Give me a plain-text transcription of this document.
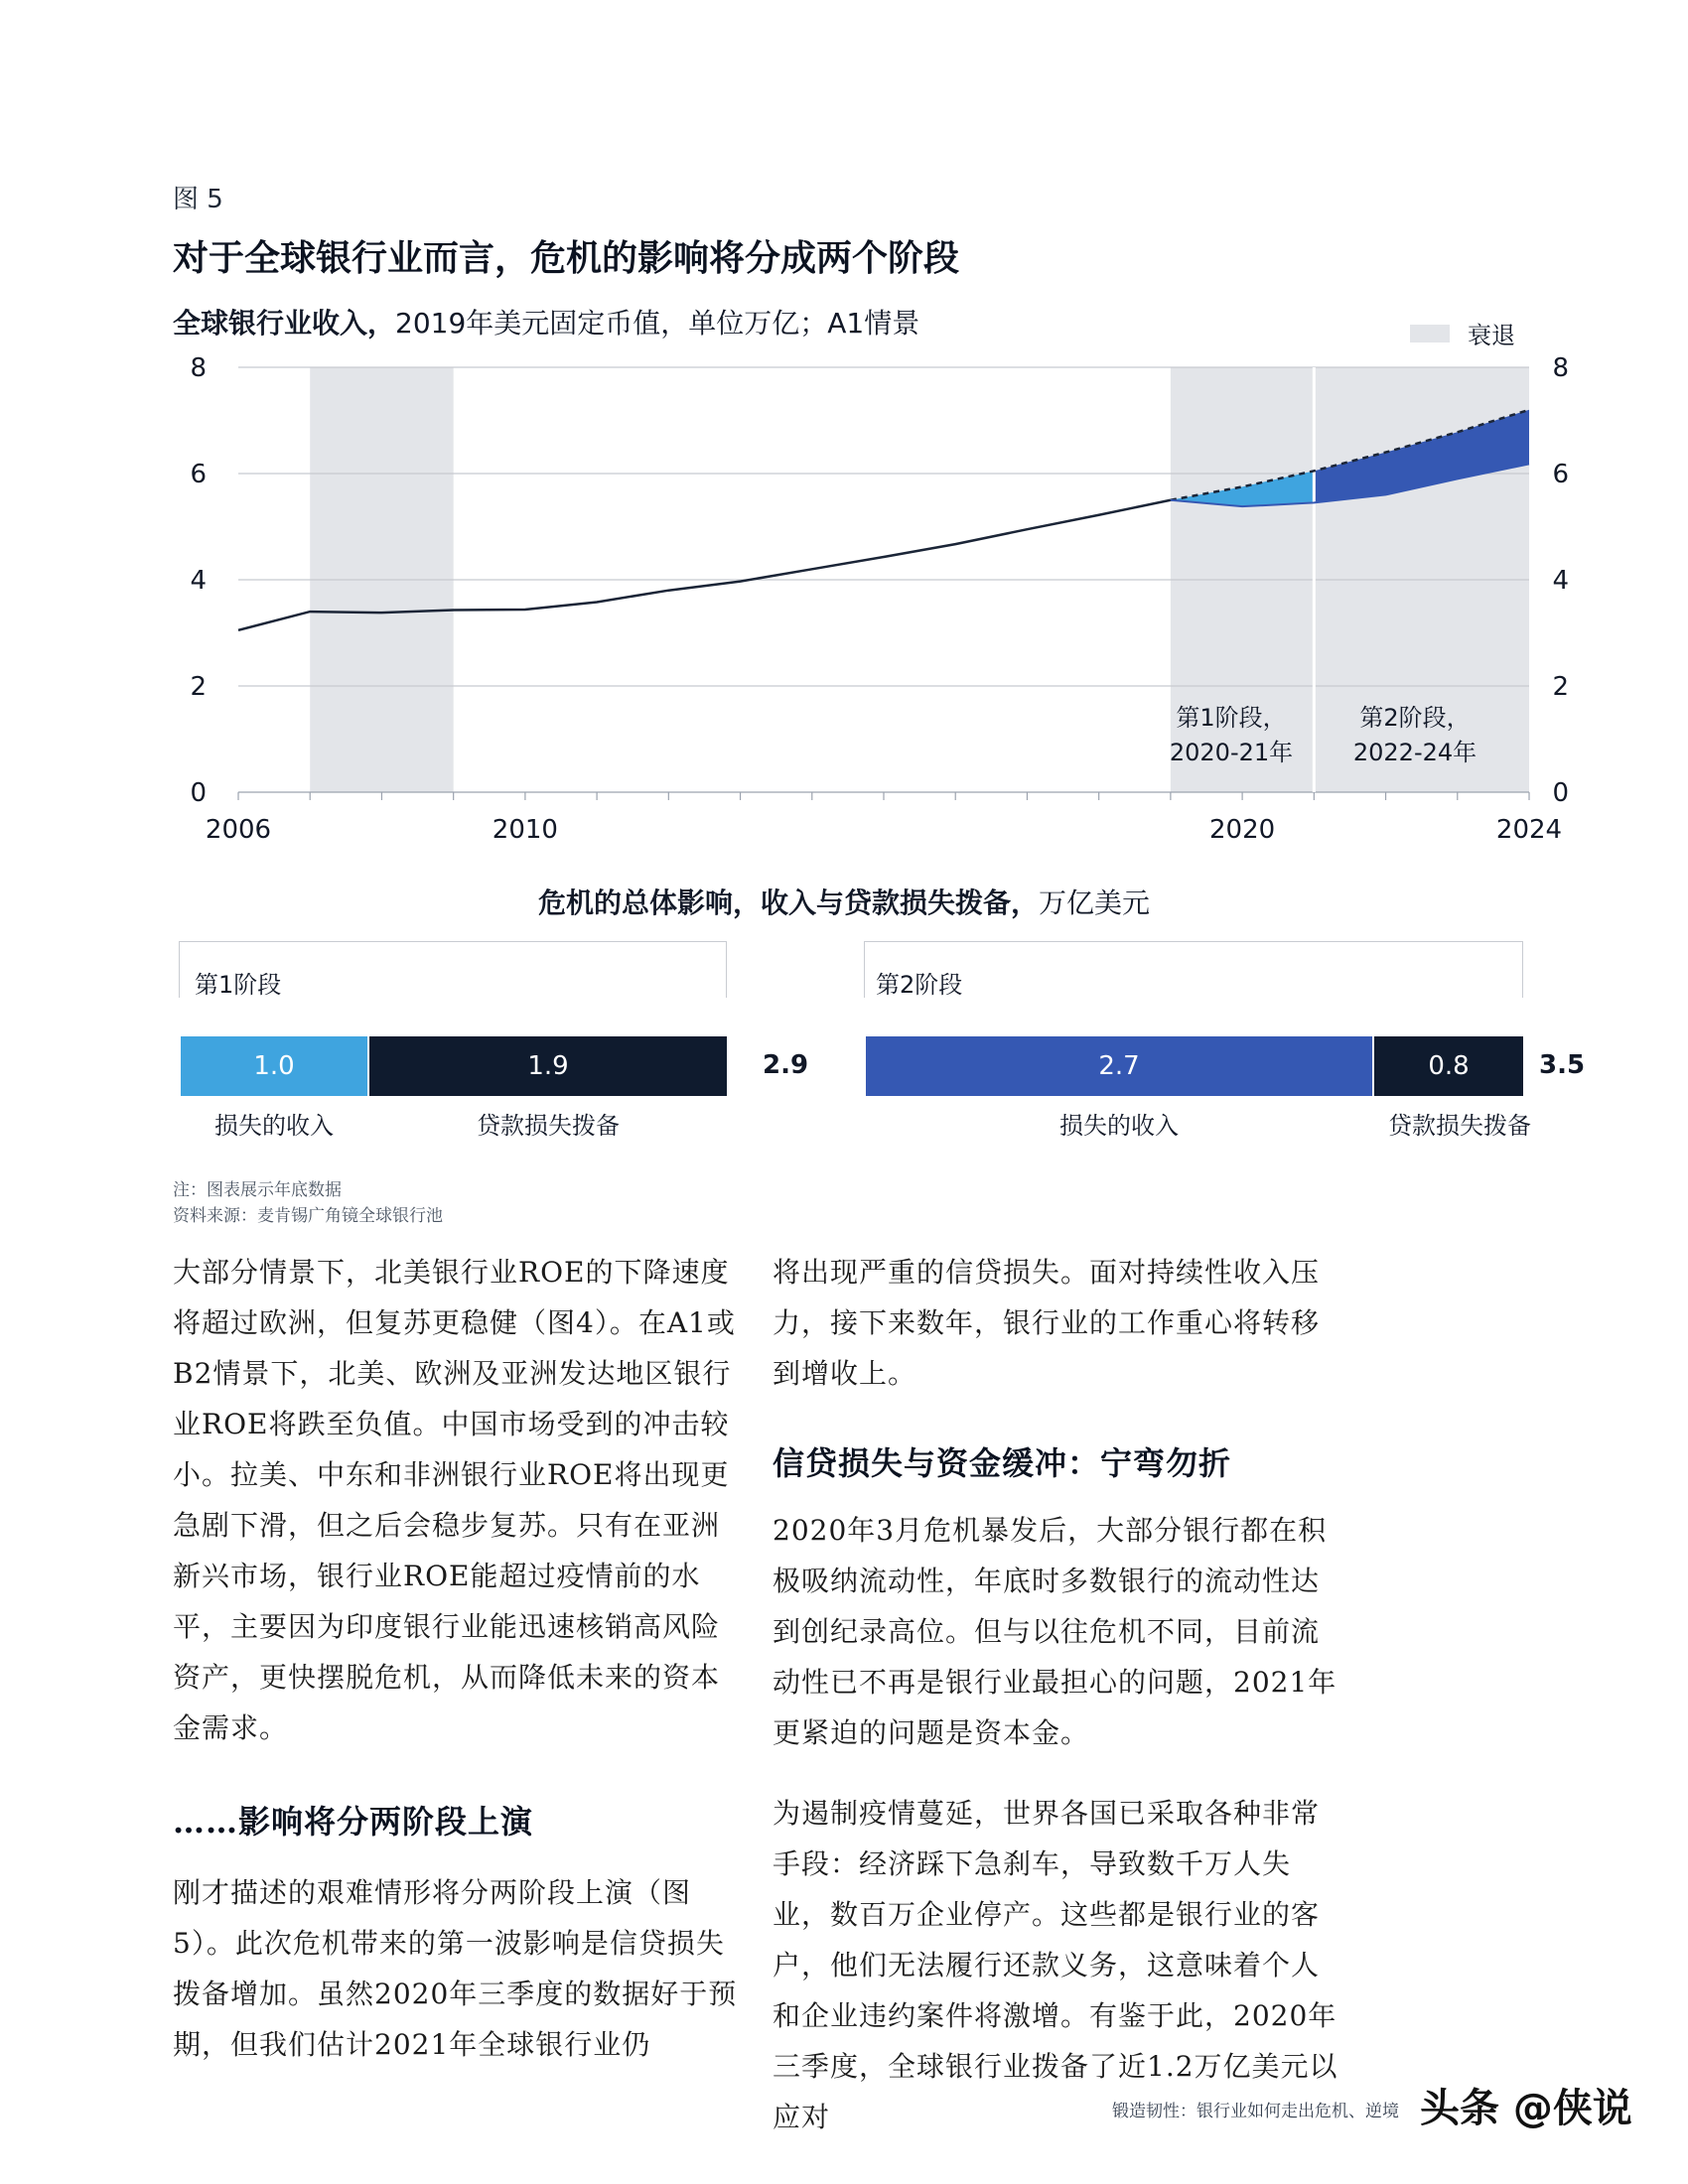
图 5
对于全球银行业而言，危机的影响将分成两个阶段
全球银行业收入，2019年美元固定币值，单位万亿；A1情景	衰退
0	0
2	2
4	4
6	6
8	8
2006	2010	2020	2024
第1阶段，
2020-21年
第2阶段，
2022-24年
危机的总体影响，收入与贷款损失拨备，万亿美元
第1阶段
1.0	1.9	2.9
损失的收入	贷款损失拨备
第2阶段
2.7	0.8	3.5
损失的收入	贷款损失拨备
注：图表展示年底数据
资料来源：麦肯锡广角镜全球银行池

大部分情景下，北美银行业ROE的下降速度将超过欧洲，但复苏更稳健（图4）。在A1或B2情景下，北美、欧洲及亚洲发达地区银行业ROE将跌至负值。中国市场受到的冲击较小。拉美、中东和非洲银行业ROE将出现更急剧下滑，但之后会稳步复苏。只有在亚洲新兴市场，银行业ROE能超过疫情前的水平，主要因为印度银行业能迅速核销高风险资产，更快摆脱危机，从而降低未来的资本金需求。

……影响将分两阶段上演

刚才描述的艰难情形将分两阶段上演（图5）。此次危机带来的第一波影响是信贷损失拨备增加。虽然2020年三季度的数据好于预期，但我们估计2021年全球银行业仍

将出现严重的信贷损失。面对持续性收入压力，接下来数年，银行业的工作重心将转移到增收上。

信贷损失与资金缓冲：宁弯勿折

2020年3月危机暴发后，大部分银行都在积极吸纳流动性，年底时多数银行的流动性达到创纪录高位。但与以往危机不同，目前流动性已不再是银行业最担心的问题，2021年更紧迫的问题是资本金。

为遏制疫情蔓延，世界各国已采取各种非常手段：经济踩下急刹车，导致数千万人失业，数百万企业停产。这些都是银行业的客户，他们无法履行还款义务，这意味着个人和企业违约案件将激增。有鉴于此，2020年三季度，全球银行业拨备了近1.2万亿美元以应对	锻造韧性：银行业如何走出危机、逆境 头条 @侠说
